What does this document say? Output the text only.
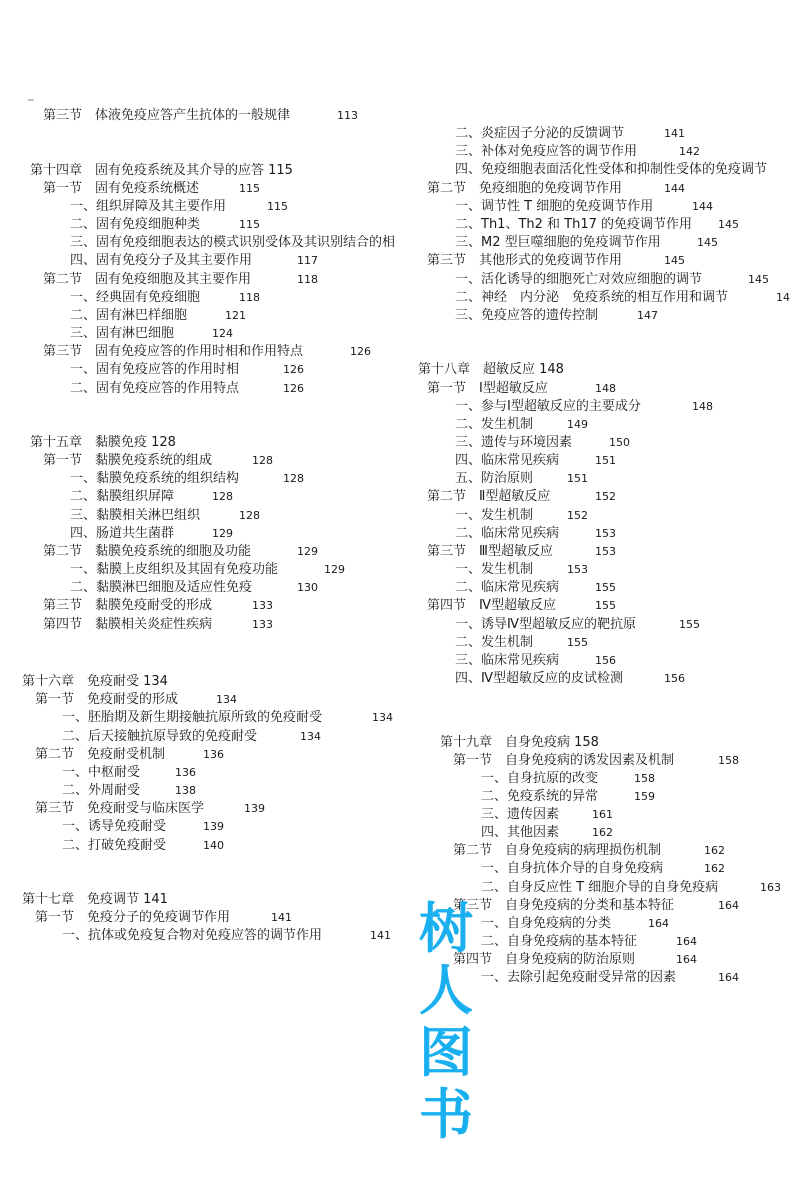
~
第三节　体液免疫应答产生抗体的一般规律	113
第十四章　固有免疫系统及其介导的应答 115
第一节　固有免疫系统概述	115
一、组织屏障及其主要作用	115
二、固有免疫细胞种类	115
三、固有免疫细胞表达的模式识别受体及其识别结合的相
四、固有免疫分子及其主要作用	117
第二节　固有免疫细胞及其主要作用	118
一、经典固有免疫细胞	118
二、固有淋巴样细胞	121
三、固有淋巴细胞	124
第三节　固有免疫应答的作用时相和作用特点	126
一、固有免疫应答的作用时相	126
二、固有免疫应答的作用特点	126
第十五章　黏膜免疫 128
第一节　黏膜免疫系统的组成	128
一、黏膜免疫系统的组织结构	128
二、黏膜组织屏障	128
三、黏膜相关淋巴组织	128
四、肠道共生菌群	129
第二节　黏膜免疫系统的细胞及功能	129
一、黏膜上皮组织及其固有免疫功能	129
二、黏膜淋巴细胞及适应性免疫	130
第三节　黏膜免疫耐受的形成	133
第四节　黏膜相关炎症性疾病	133
第十六章　免疫耐受 134
第一节　免疫耐受的形成	134
一、胚胎期及新生期接触抗原所致的免疫耐受	134
二、后天接触抗原导致的免疫耐受	134
第二节　免疫耐受机制	136
一、中枢耐受	136
二、外周耐受	138
第三节　免疫耐受与临床医学	139
一、诱导免疫耐受	139
二、打破免疫耐受	140
第十七章　免疫调节 141
第一节　免疫分子的免疫调节作用	141
一、抗体或免疫复合物对免疫应答的调节作用	141
二、炎症因子分泌的反馈调节	141
三、补体对免疫应答的调节作用	142
四、免疫细胞表面活化性受体和抑制性受体的免疫调节
第二节　免疫细胞的免疫调节作用	144
一、调节性 T 细胞的免疫调节作用	144
二、Th1、Th2 和 Th17 的免疫调节作用 145
三、M2 型巨噬细胞的免疫调节作用	145
第三节　其他形式的免疫调节作用	145
一、活化诱导的细胞死亡对效应细胞的调节	145
二、神经　内分泌　免疫系统的相互作用和调节	14
三、免疫应答的遗传控制	147
第十八章　超敏反应 148
第一节　Ⅰ型超敏反应	148
一、参与Ⅰ型超敏反应的主要成分	148
二、发生机制	149
三、遗传与环境因素	150
四、临床常见疾病	151
五、防治原则	151
第二节　Ⅱ型超敏反应	152
一、发生机制	152
二、临床常见疾病	153
第三节　Ⅲ型超敏反应	153
一、发生机制	153
二、临床常见疾病	155
第四节　Ⅳ型超敏反应	155
一、诱导Ⅳ型超敏反应的靶抗原	155
二、发生机制	155
三、临床常见疾病	156
四、Ⅳ型超敏反应的皮试检测	156
第十九章　自身免疫病 158
第一节　自身免疫病的诱发因素及机制	158
一、自身抗原的改变	158
二、免疫系统的异常	159
三、遗传因素	161
四、其他因素	162
第二节　自身免疫病的病理损伤机制	162
一、自身抗体介导的自身免疫病	162
二、自身反应性 T 细胞介导的自身免疫病	163
第三节　自身免疫病的分类和基本特征	164
一、自身免疫病的分类	164
二、自身免疫病的基本特征	164
第四节　自身免疫病的防治原则	164
一、去除引起免疫耐受异常的因素	164
树
人
图
书
